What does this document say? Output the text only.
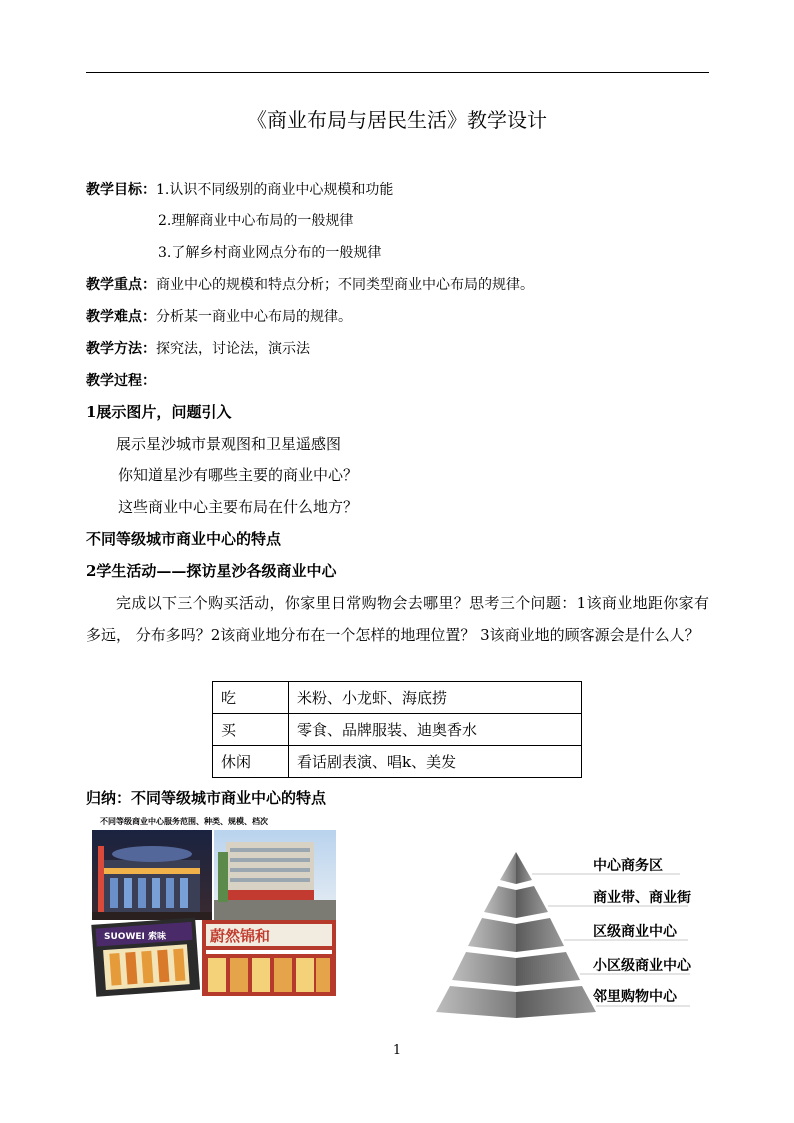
《商业布局与居民生活》教学设计
教学目标：1.认识不同级别的商业中心规模和功能
2.理解商业中心布局的一般规律
3.了解乡村商业网点分布的一般规律
教学重点：商业中心的规模和特点分析；不同类型商业中心布局的规律。
教学难点：分析某一商业中心布局的规律。
教学方法：探究法，讨论法，演示法
教学过程：
1展示图片，问题引入
展示星沙城市景观图和卫星遥感图
你知道星沙有哪些主要的商业中心？
这些商业中心主要布局在什么地方？
不同等级城市商业中心的特点
2学生活动——探访星沙各级商业中心
完成以下三个购买活动，你家里日常购物会去哪里？思考三个问题：1该商业地距你家有多远， 分布多吗？2该商业地分布在一个怎样的地理位置？ 3该商业地的顾客源会是什么人？
吃	米粉、小龙虾、海底捞
买	零食、品牌服装、迪奥香水
休闲	看话剧表演、唱k、美发
归纳：不同等级城市商业中心的特点
不同等级商业中心服务范围、种类、规模、档次
SUOWEI 索味	蔚然锦和
中心商务区
商业带、商业街
区级商业中心
小区级商业中心
邻里购物中心
1
